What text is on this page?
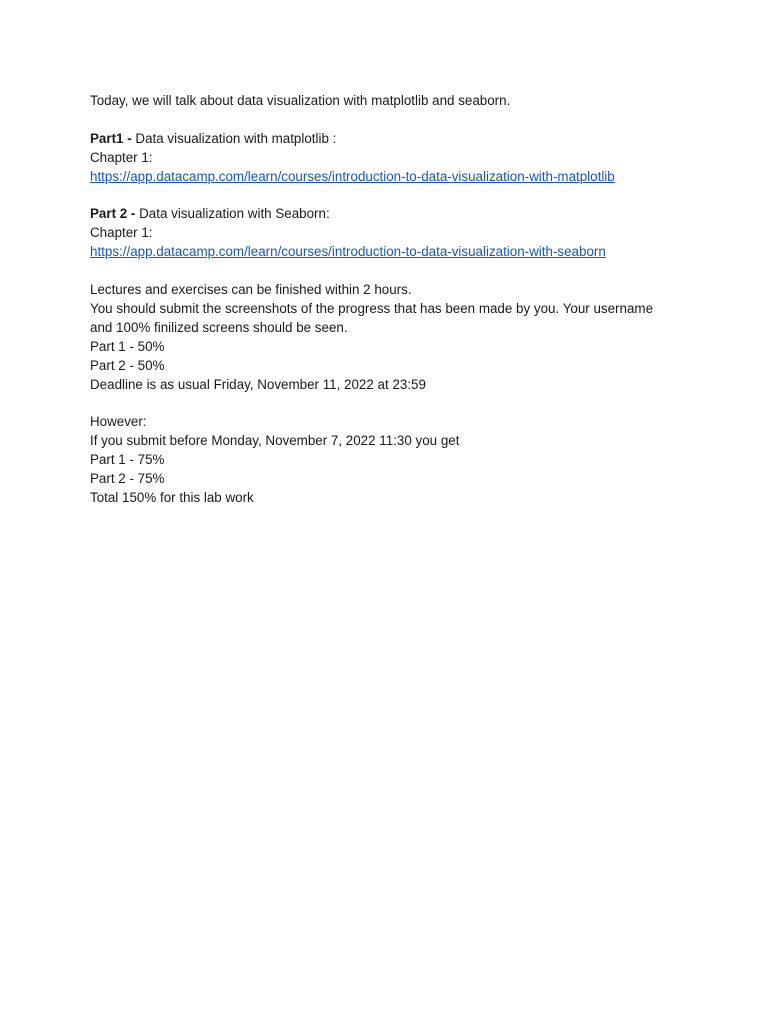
Today, we will talk about data visualization with matplotlib and seaborn.
Part1 - Data visualization with matplotlib :
Chapter 1:
https://app.datacamp.com/learn/courses/introduction-to-data-visualization-with-matplotlib
Part 2 - Data visualization with Seaborn:
Chapter 1:
https://app.datacamp.com/learn/courses/introduction-to-data-visualization-with-seaborn
Lectures and exercises can be finished within 2 hours.
You should submit the screenshots of the progress that has been made by you. Your username
and 100% finilized screens should be seen.
Part 1 - 50%
Part 2 - 50%
Deadline is as usual Friday, November 11, 2022 at 23:59
However:
If you submit before Monday, November 7, 2022 11:30 you get
Part 1 - 75%
Part 2 - 75%
Total 150% for this lab work
